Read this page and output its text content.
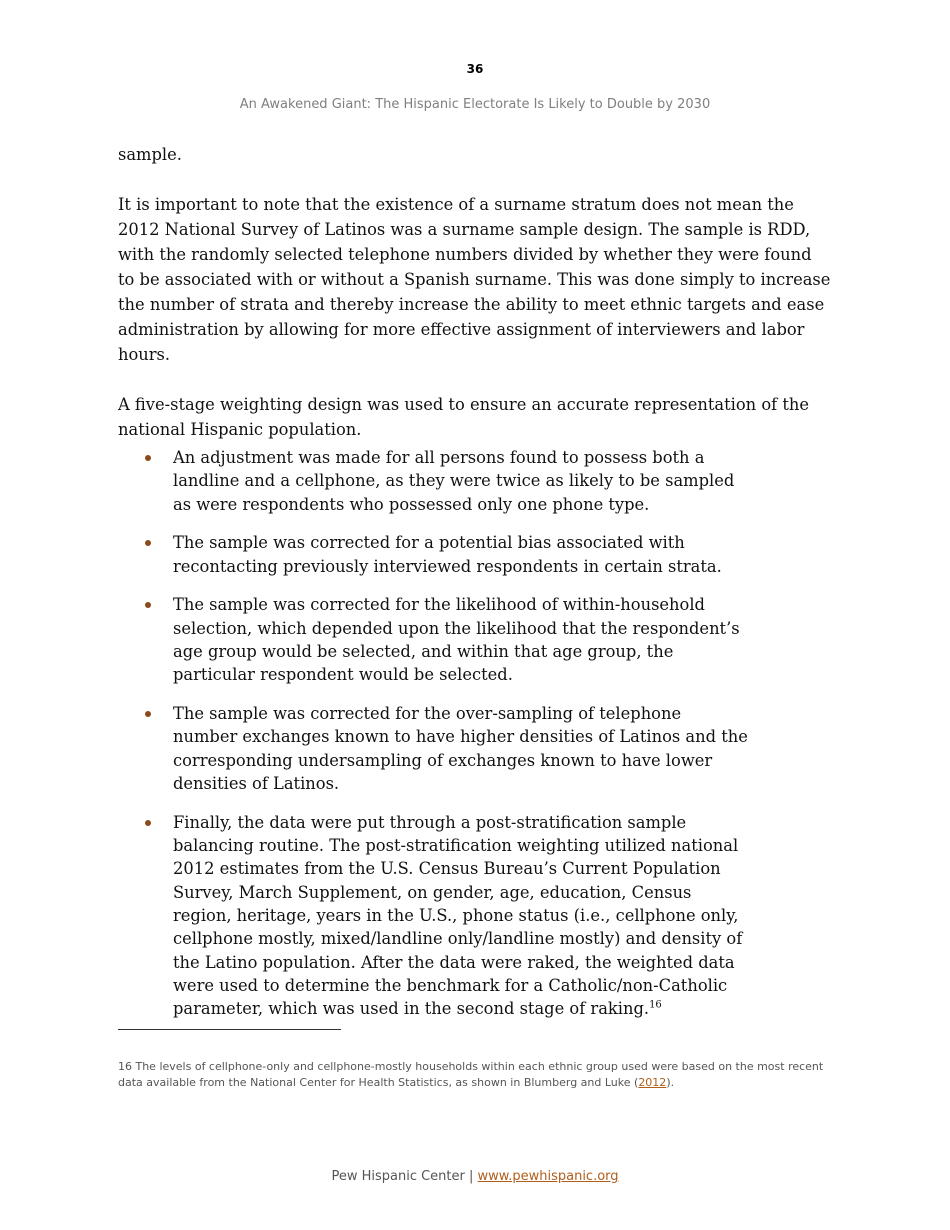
36
An Awakened Giant: The Hispanic Electorate Is Likely to Double by 2030

sample.

It is important to note that the existence of a surname stratum does not mean the 2012 National Survey of Latinos was a surname sample design. The sample is RDD, with the randomly selected telephone numbers divided by whether they were found to be associated with or without a Spanish surname. This was done simply to increase the number of strata and thereby increase the ability to meet ethnic targets and ease administration by allowing for more effective assignment of interviewers and labor hours.

A five-stage weighting design was used to ensure an accurate representation of the national Hispanic population.

An adjustment was made for all persons found to possess both a landline and a cellphone, as they were twice as likely to be sampled as were respondents who possessed only one phone type.
The sample was corrected for a potential bias associated with recontacting previously interviewed respondents in certain strata.
The sample was corrected for the likelihood of within-household selection, which depended upon the likelihood that the respondent’s age group would be selected, and within that age group, the particular respondent would be selected.
The sample was corrected for the over-sampling of telephone number exchanges known to have higher densities of Latinos and the corresponding undersampling of exchanges known to have lower densities of Latinos.
Finally, the data were put through a post-stratification sample balancing routine. The post-stratification weighting utilized national 2012 estimates from the U.S. Census Bureau’s Current Population Survey, March Supplement, on gender, age, education, Census region, heritage, years in the U.S., phone status (i.e., cellphone only, cellphone mostly, mixed/landline only/landline mostly) and density of the Latino population. After the data were raked, the weighted data were used to determine the benchmark for a Catholic/non-Catholic parameter, which was used in the second stage of raking.$^{16}$
16 The levels of cellphone-only and cellphone-mostly households within each ethnic group used were based on the most recent data available from the National Center for Health Statistics, as shown in Blumberg and Luke (2012).
Pew Hispanic Center | www.pewhispanic.org
